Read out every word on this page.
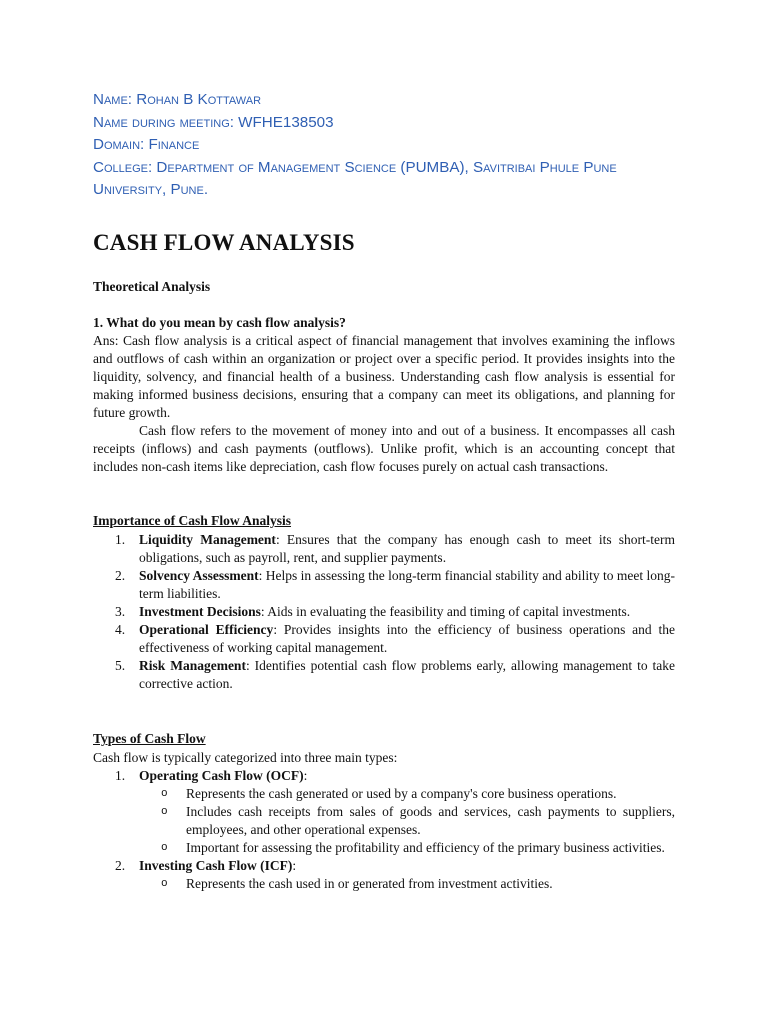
Name: Rohan B Kottawar
Name during meeting: WFHE138503
Domain: Finance
College: Department of Management Science (PUMBA), Savitribai Phule Pune
University, Pune.
CASH FLOW ANALYSIS
Theoretical Analysis
1. What do you mean by cash flow analysis?
Ans: Cash flow analysis is a critical aspect of financial management that involves examining the inflows and outflows of cash within an organization or project over a specific period. It provides insights into the liquidity, solvency, and financial health of a business. Understanding cash flow analysis is essential for making informed business decisions, ensuring that a company can meet its obligations, and planning for future growth.
Cash flow refers to the movement of money into and out of a business. It encompasses all cash receipts (inflows) and cash payments (outflows). Unlike profit, which is an accounting concept that includes non-cash items like depreciation, cash flow focuses purely on actual cash transactions.
Importance of Cash Flow Analysis
1. Liquidity Management: Ensures that the company has enough cash to meet its short-term obligations, such as payroll, rent, and supplier payments.
2. Solvency Assessment: Helps in assessing the long-term financial stability and ability to meet long-term liabilities.
3. Investment Decisions: Aids in evaluating the feasibility and timing of capital investments.
4. Operational Efficiency: Provides insights into the efficiency of business operations and the effectiveness of working capital management.
5. Risk Management: Identifies potential cash flow problems early, allowing management to take corrective action.
Types of Cash Flow
Cash flow is typically categorized into three main types:
1. Operating Cash Flow (OCF):
o Represents the cash generated or used by a company's core business operations.
o Includes cash receipts from sales of goods and services, cash payments to suppliers, employees, and other operational expenses.
o Important for assessing the profitability and efficiency of the primary business activities.
2. Investing Cash Flow (ICF):
o Represents the cash used in or generated from investment activities.
